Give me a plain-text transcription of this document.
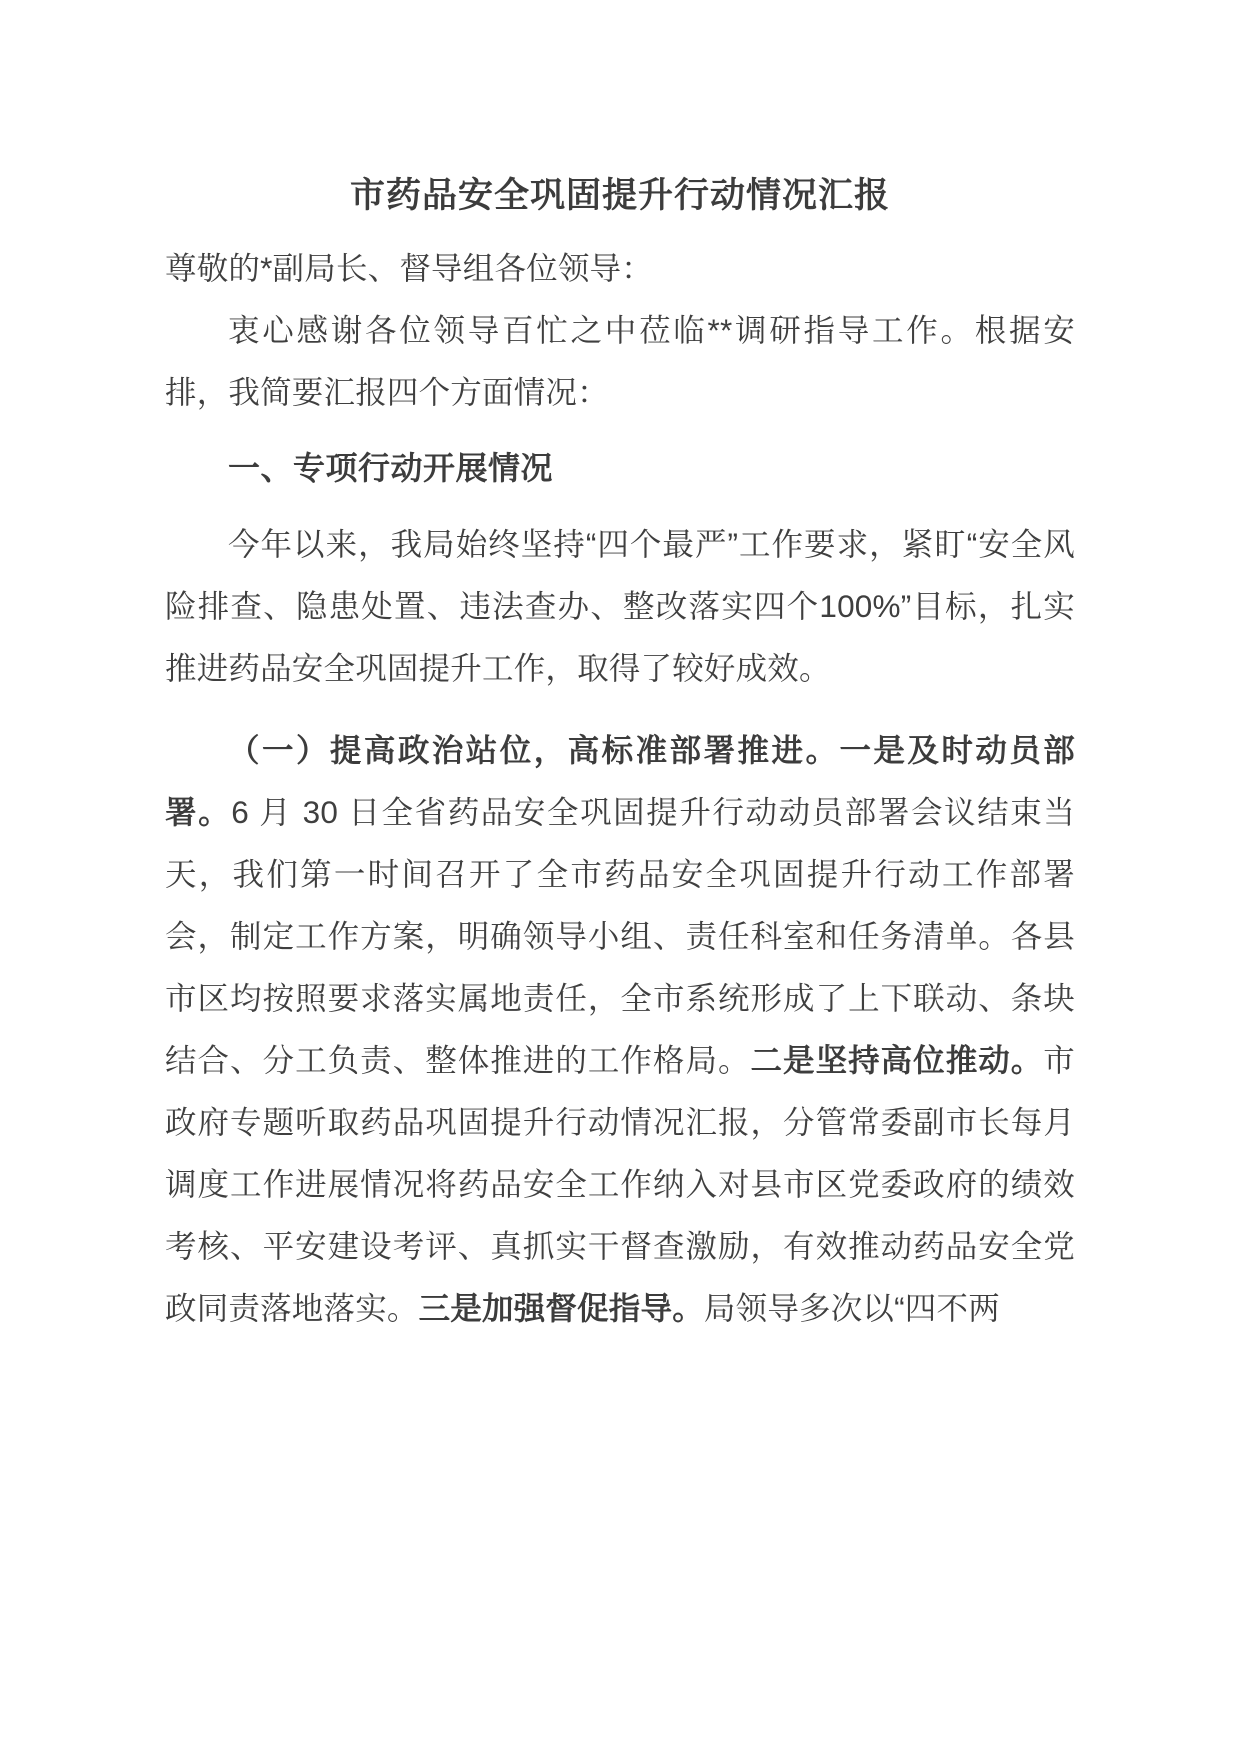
市药品安全巩固提升行动情况汇报

尊敬的*副局长、督导组各位领导：

衷心感谢各位领导百忙之中莅临**调研指导工作。根据安排，我简要汇报四个方面情况：

一、专项行动开展情况

今年以来，我局始终坚持“四个最严”工作要求，紧盯“安全风险排查、隐患处置、违法查办、整改落实四个100%”目标，扎实推进药品安全巩固提升工作，取得了较好成效。

（一）提高政治站位，高标准部署推进。一是及时动员部署。6 月 30 日全省药品安全巩固提升行动动员部署会议结束当天，我们第一时间召开了全市药品安全巩固提升行动工作部署会，制定工作方案，明确领导小组、责任科室和任务清单。各县市区均按照要求落实属地责任，全市系统形成了上下联动、条块结合、分工负责、整体推进的工作格局。二是坚持高位推动。市政府专题听取药品巩固提升行动情况汇报，分管常委副市长每月调度工作进展情况将药品安全工作纳入对县市区党委政府的绩效考核、平安建设考评、真抓实干督查激励，有效推动药品安全党政同责落地落实。三是加强督促指导。局领导多次以“四不两
